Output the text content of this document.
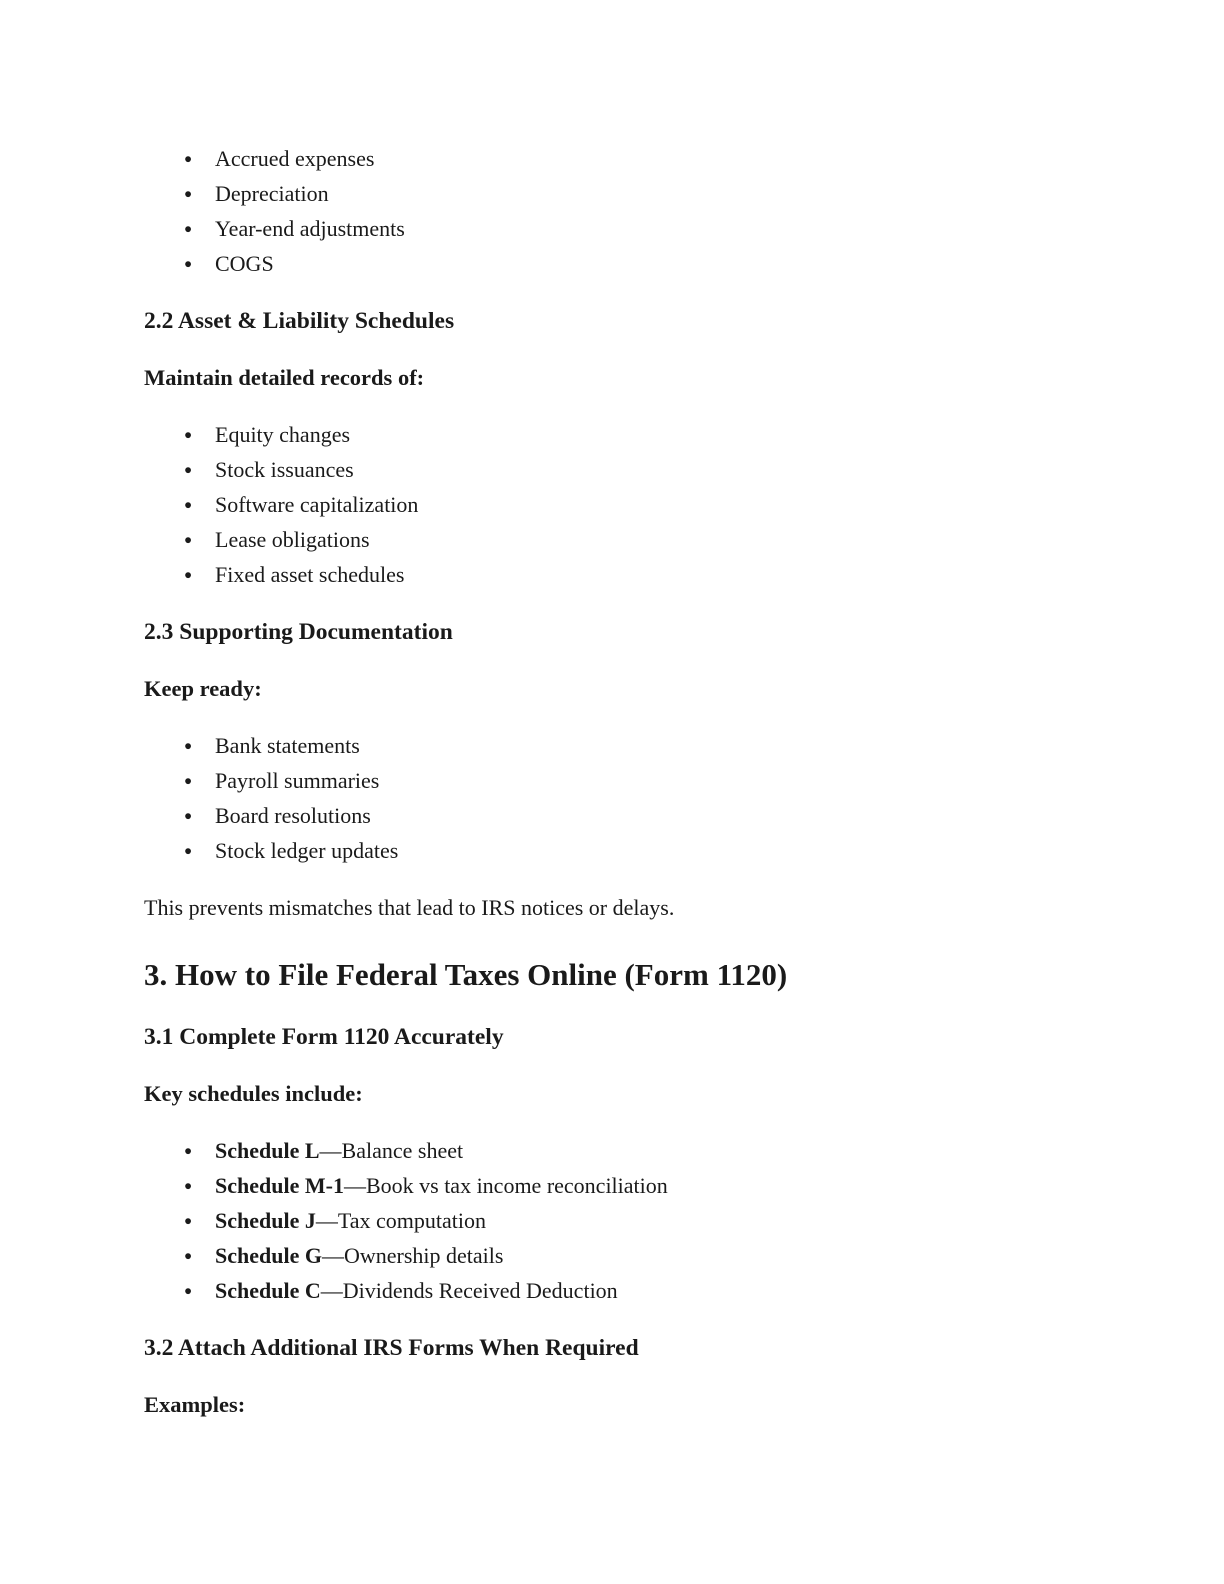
● Accrued expenses
● Depreciation
● Year-end adjustments
● COGS
2.2 Asset & Liability Schedules

Maintain detailed records of:

● Equity changes
● Stock issuances
● Software capitalization
● Lease obligations
● Fixed asset schedules
2.3 Supporting Documentation

Keep ready:

● Bank statements
● Payroll summaries
● Board resolutions
● Stock ledger updates

This prevents mismatches that lead to IRS notices or delays.

3. How to File Federal Taxes Online (Form 1120)
3.1 Complete Form 1120 Accurately

Key schedules include:

● Schedule L—Balance sheet
● Schedule M-1—Book vs tax income reconciliation
● Schedule J—Tax computation
● Schedule G—Ownership details
● Schedule C—Dividends Received Deduction
3.2 Attach Additional IRS Forms When Required

Examples:
